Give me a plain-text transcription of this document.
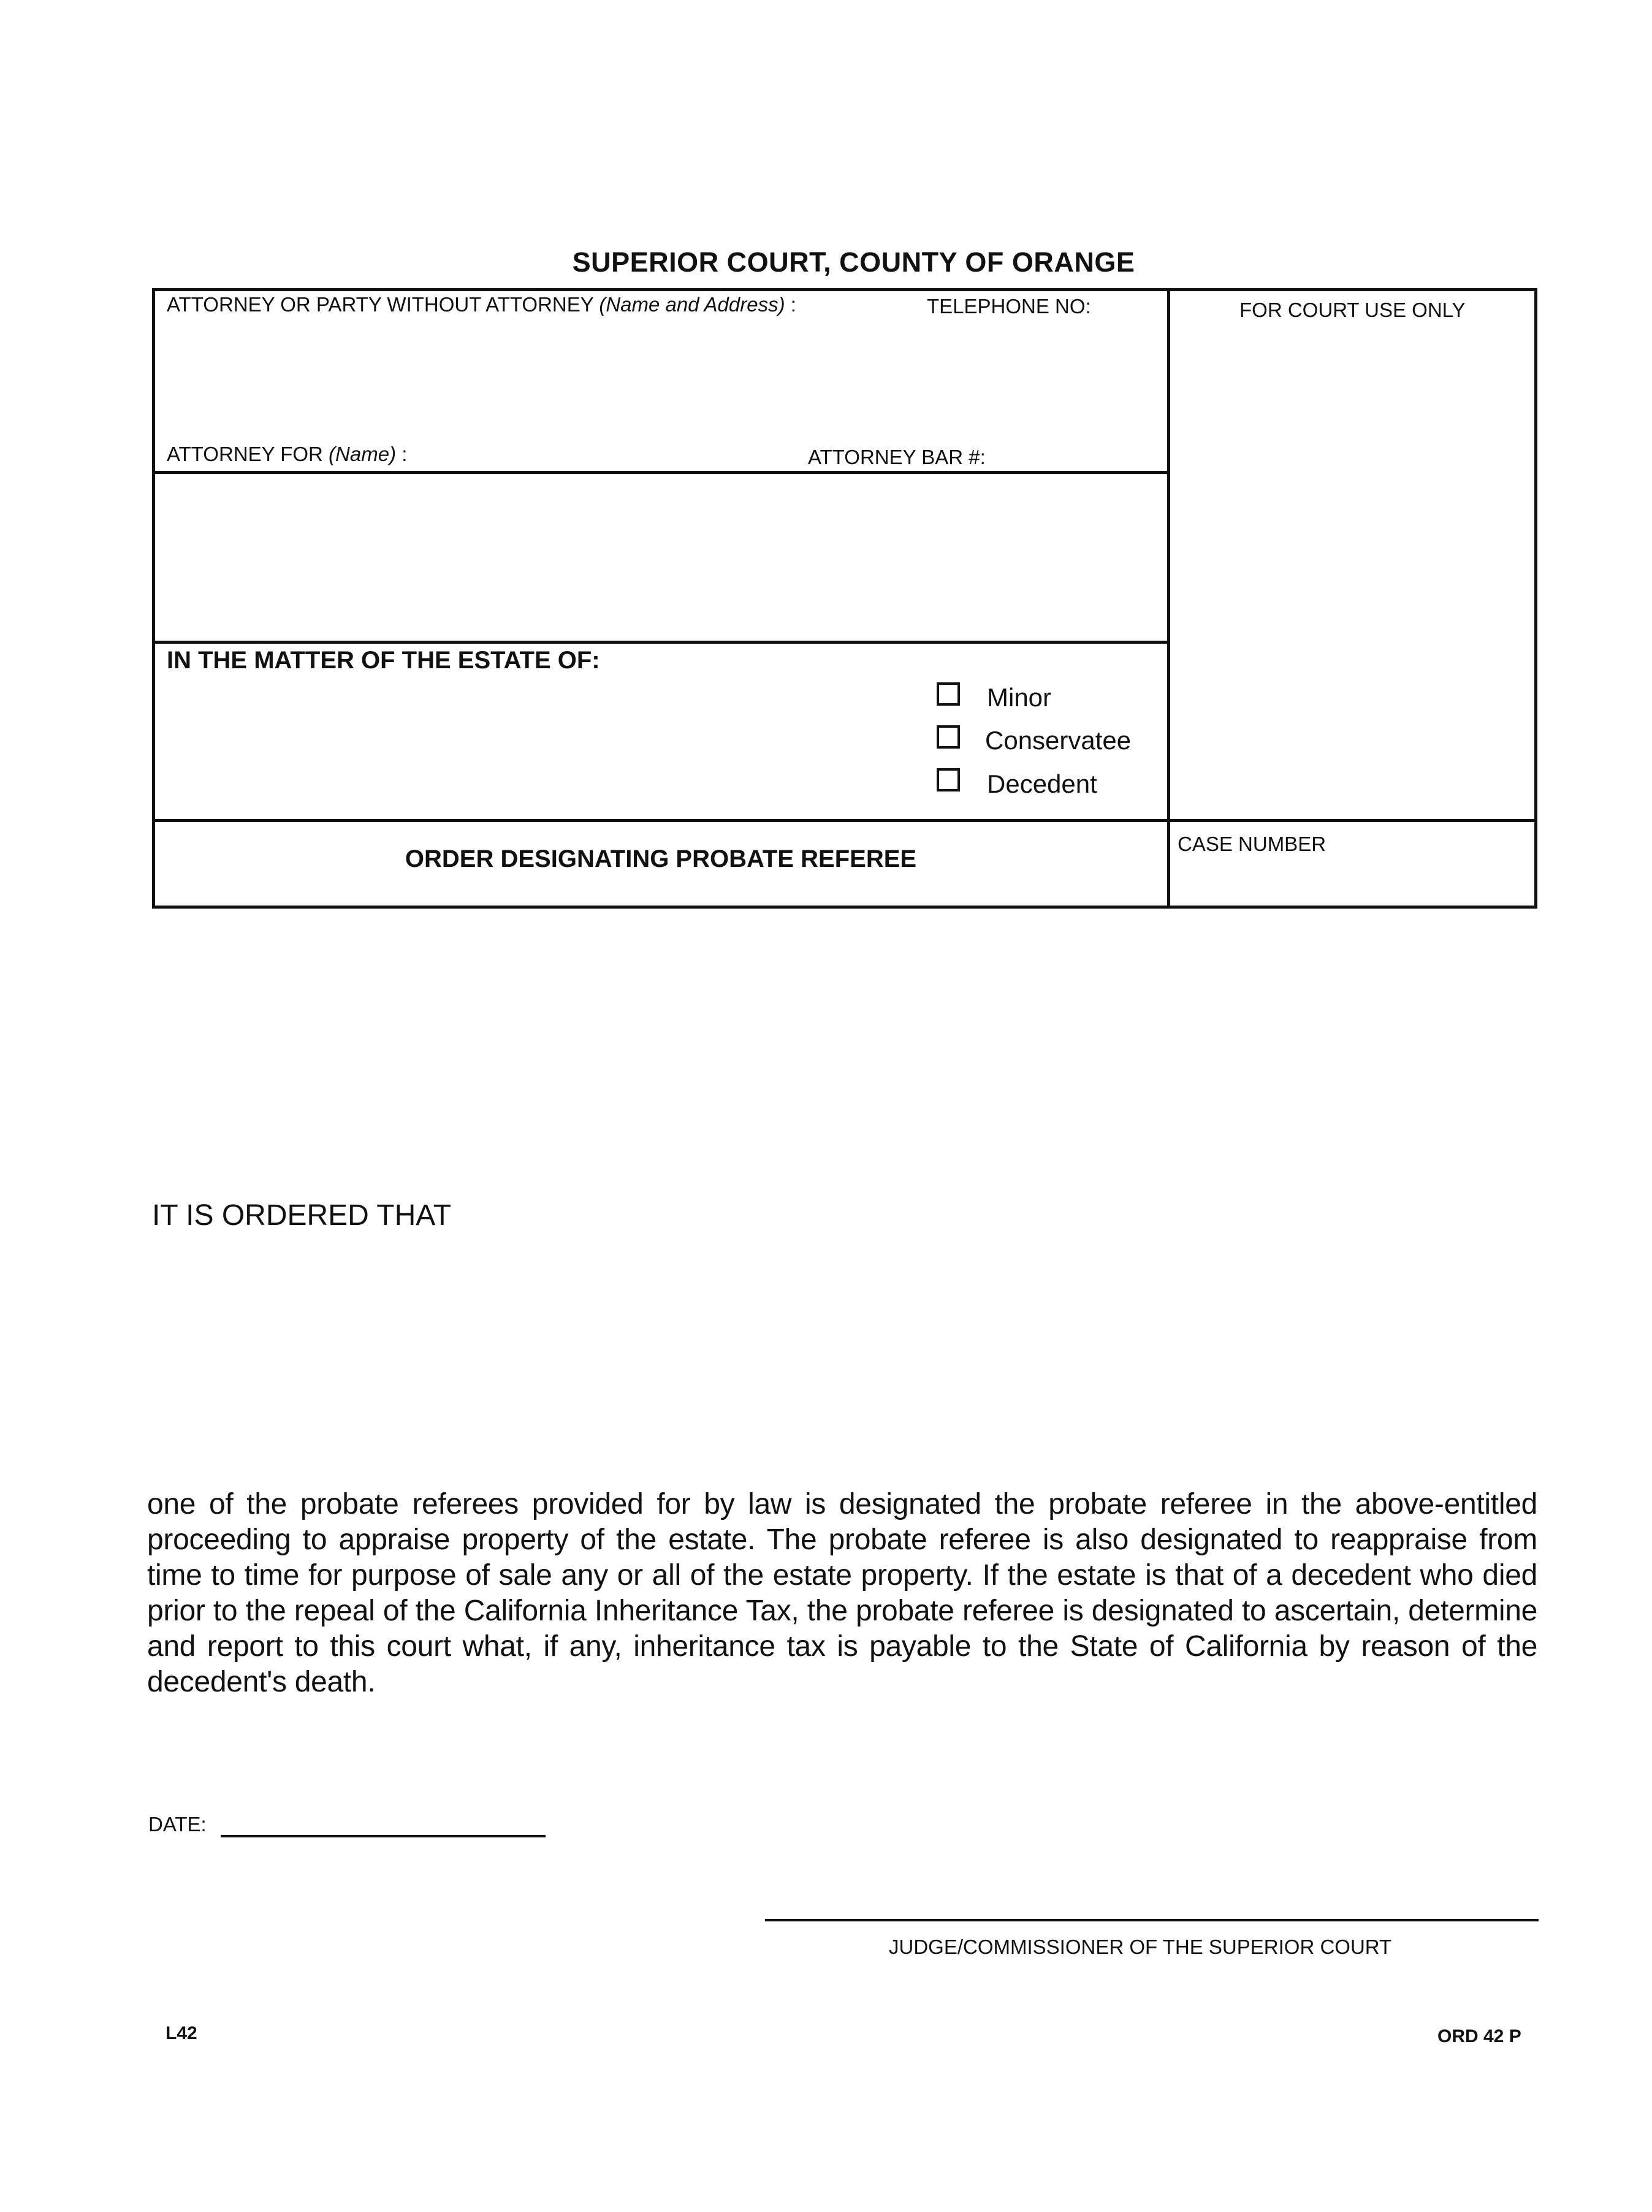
SUPERIOR COURT, COUNTY OF ORANGE
ATTORNEY OR PARTY WITHOUT ATTORNEY (Name and Address) :	TELEPHONE NO:	FOR COURT USE ONLY
ATTORNEY FOR (Name) :	ATTORNEY BAR #:
IN THE MATTER OF THE ESTATE OF:
Minor
Conservatee
Decedent
ORDER DESIGNATING PROBATE REFEREE
CASE NUMBER
IT IS ORDERED THAT
one of the probate referees provided for by law is designated the probate referee in the above-entitled proceeding to appraise property of the estate. The probate referee is also designated to reappraise from time to time for purpose of sale any or all of the estate property. If the estate is that of a decedent who died prior to the repeal of the California Inheritance Tax, the probate referee is designated to ascertain, determine and report to this court what, if any, inheritance tax is payable to the State of California by reason of the decedent's death.
DATE:
JUDGE/COMMISSIONER OF THE SUPERIOR COURT
L42	ORD 42 P
